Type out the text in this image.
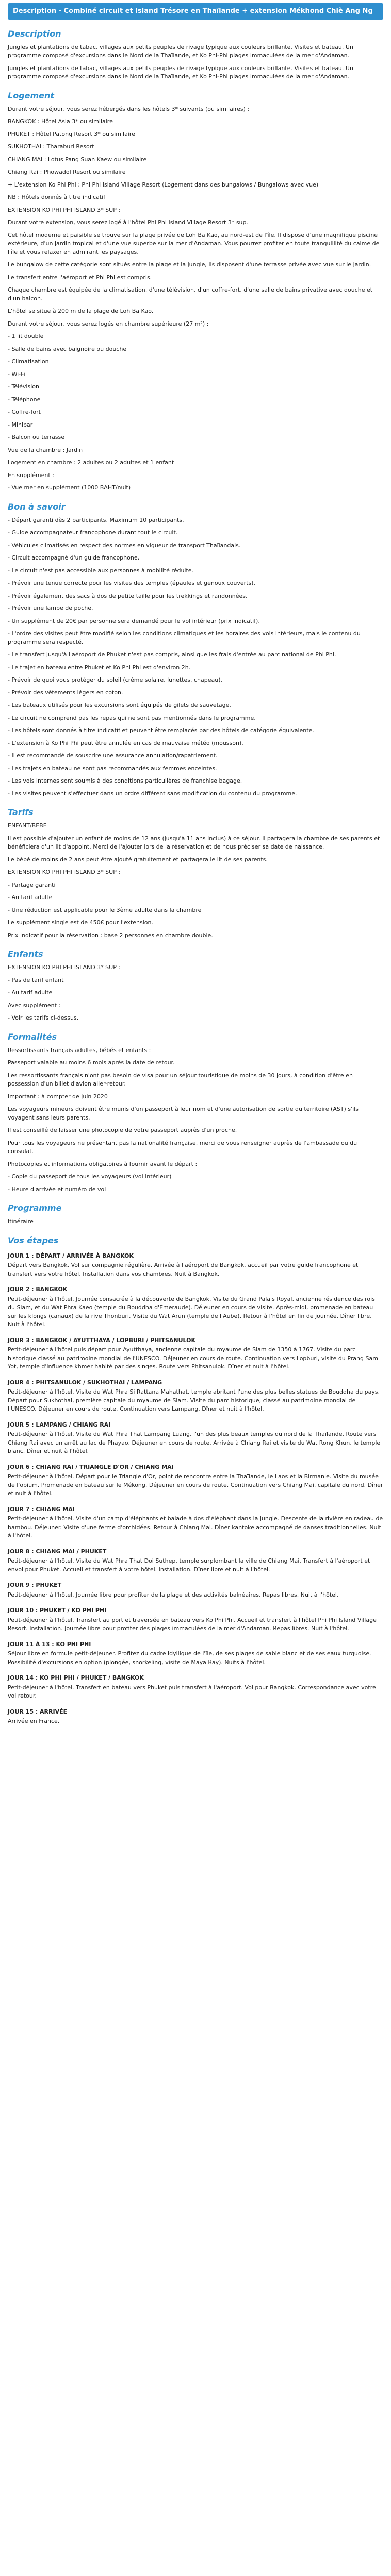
Description - Combiné circuit et Island Trésore en Thaïlande + extension Mékhond Chiè Ang Ng
Description

Jungles et plantations de tabac, villages aux petits peuples de rivage typique aux couleurs brillante. Visites et bateau. Un programme composé d'excursions dans le Nord de la Thaïlande, et Ko Phi-Phi plages immaculées de la mer d'Andaman.

Jungles et plantations de tabac, villages aux petits peuples de rivage typique aux couleurs brillante. Visites et bateau. Un programme composé d'excursions dans le Nord de la Thaïlande, et Ko Phi-Phi plages immaculées de la mer d'Andaman.

Logement

Durant votre séjour, vous serez hébergés dans les hôtels 3* suivants (ou similaires) :

BANGKOK : Hôtel Asia 3* ou similaire

PHUKET : Hôtel Patong Resort 3* ou similaire

SUKHOTHAI : Tharaburi Resort

CHIANG MAI : Lotus Pang Suan Kaew ou similaire

Chiang Rai : Phowadol Resort ou similaire

+ L'extension Ko Phi Phi : Phi Phi Island Village Resort (Logement dans des bungalows / Bungalows avec vue)

NB : Hôtels donnés à titre indicatif

EXTENSION KO PHI PHI ISLAND 3* SUP :

Durant votre extension, vous serez logé à l'hôtel Phi Phi Island Village Resort 3* sup.

Cet hôtel moderne et paisible se trouve sur la plage privée de Loh Ba Kao, au nord-est de l'île. Il dispose d'une magnifique piscine extérieure, d'un jardin tropical et d'une vue superbe sur la mer d'Andaman. Vous pourrez profiter en toute tranquillité du calme de l'île et vous relaxer en admirant les paysages.

Le bungalow de cette catégorie sont situés entre la plage et la jungle, ils disposent d'une terrasse privée avec vue sur le jardin.

Le transfert entre l'aéroport et Phi Phi est compris.

Chaque chambre est équipée de la climatisation, d'une télévision, d'un coffre-fort, d'une salle de bains privative avec douche et d'un balcon.

L'hôtel se situe à 200 m de la plage de Loh Ba Kao.

Durant votre séjour, vous serez logés en chambre supérieure (27 m²) :

- 1 lit double

- Salle de bains avec baignoire ou douche

- Climatisation

- Wi-Fi

- Télévision

- Téléphone

- Coffre-fort

- Minibar

- Balcon ou terrasse

Vue de la chambre : Jardin

Logement en chambre : 2 adultes ou 2 adultes et 1 enfant

En supplément :

- Vue mer en supplément (1000 BAHT/nuit)

Bon à savoir

- Départ garanti dès 2 participants. Maximum 10 participants.

- Guide accompagnateur francophone durant tout le circuit.

- Véhicules climatisés en respect des normes en vigueur de transport Thaïlandais.

- Circuit accompagné d'un guide francophone.

- Le circuit n'est pas accessible aux personnes à mobilité réduite.

- Prévoir une tenue correcte pour les visites des temples (épaules et genoux couverts).

- Prévoir également des sacs à dos de petite taille pour les trekkings et randonnées.

- Prévoir une lampe de poche.

- Un supplément de 20€ par personne sera demandé pour le vol intérieur (prix indicatif).

- L'ordre des visites peut être modifié selon les conditions climatiques et les horaires des vols intérieurs, mais le contenu du programme sera respecté.

- Le transfert jusqu'à l'aéroport de Phuket n'est pas compris, ainsi que les frais d'entrée au parc national de Phi Phi.

- Le trajet en bateau entre Phuket et Ko Phi Phi est d'environ 2h.

- Prévoir de quoi vous protéger du soleil (crème solaire, lunettes, chapeau).

- Prévoir des vêtements légers en coton.

- Les bateaux utilisés pour les excursions sont équipés de gilets de sauvetage.

- Le circuit ne comprend pas les repas qui ne sont pas mentionnés dans le programme.

- Les hôtels sont donnés à titre indicatif et peuvent être remplacés par des hôtels de catégorie équivalente.

- L'extension à Ko Phi Phi peut être annulée en cas de mauvaise météo (mousson).

- Il est recommandé de souscrire une assurance annulation/rapatriement.

- Les trajets en bateau ne sont pas recommandés aux femmes enceintes.

- Les vols internes sont soumis à des conditions particulières de franchise bagage.

- Les visites peuvent s'effectuer dans un ordre différent sans modification du contenu du programme.

Tarifs

ENFANT/BEBE

Il est possible d'ajouter un enfant de moins de 12 ans (jusqu'à 11 ans inclus) à ce séjour. Il partagera la chambre de ses parents et bénéficiera d'un lit d'appoint. Merci de l'ajouter lors de la réservation et de nous préciser sa date de naissance.

Le bébé de moins de 2 ans peut être ajouté gratuitement et partagera le lit de ses parents.

EXTENSION KO PHI PHI ISLAND 3* SUP :

- Partage garanti

- Au tarif adulte

- Une réduction est applicable pour le 3ème adulte dans la chambre

Le supplément single est de 450€ pour l'extension.

Prix indicatif pour la réservation : base 2 personnes en chambre double.

Enfants

EXTENSION KO PHI PHI ISLAND 3* SUP :

- Pas de tarif enfant

- Au tarif adulte

Avec supplément :

- Voir les tarifs ci-dessus.

Formalités

Ressortissants français adultes, bébés et enfants :

Passeport valable au moins 6 mois après la date de retour.

Les ressortissants français n'ont pas besoin de visa pour un séjour touristique de moins de 30 jours, à condition d'être en possession d'un billet d'avion aller-retour.

Important : à compter de juin 2020

Les voyageurs mineurs doivent être munis d'un passeport à leur nom et d'une autorisation de sortie du territoire (AST) s'ils voyagent sans leurs parents.

Il est conseillé de laisser une photocopie de votre passeport auprès d'un proche.

Pour tous les voyageurs ne présentant pas la nationalité française, merci de vous renseigner auprès de l'ambassade ou du consulat.

Photocopies et informations obligatoires à fournir avant le départ :

- Copie du passeport de tous les voyageurs (vol intérieur)

- Heure d'arrivée et numéro de vol

Programme

Itinéraire

Vos étapes
JOUR 1 : DÉPART / ARRIVÉE À BANGKOK

Départ vers Bangkok. Vol sur compagnie régulière. Arrivée à l'aéroport de Bangkok, accueil par votre guide francophone et transfert vers votre hôtel. Installation dans vos chambres. Nuit à Bangkok.

JOUR 2 : BANGKOK

Petit-déjeuner à l'hôtel. Journée consacrée à la découverte de Bangkok. Visite du Grand Palais Royal, ancienne résidence des rois du Siam, et du Wat Phra Kaeo (temple du Bouddha d'Émeraude). Déjeuner en cours de visite. Après-midi, promenade en bateau sur les klongs (canaux) de la rive Thonburi. Visite du Wat Arun (temple de l'Aube). Retour à l'hôtel en fin de journée. Dîner libre. Nuit à l'hôtel.

JOUR 3 : BANGKOK / AYUTTHAYA / LOPBURI / PHITSANULOK

Petit-déjeuner à l'hôtel puis départ pour Ayutthaya, ancienne capitale du royaume de Siam de 1350 à 1767. Visite du parc historique classé au patrimoine mondial de l'UNESCO. Déjeuner en cours de route. Continuation vers Lopburi, visite du Prang Sam Yot, temple d'influence khmer habité par des singes. Route vers Phitsanulok. Dîner et nuit à l'hôtel.

JOUR 4 : PHITSANULOK / SUKHOTHAI / LAMPANG

Petit-déjeuner à l'hôtel. Visite du Wat Phra Si Rattana Mahathat, temple abritant l'une des plus belles statues de Bouddha du pays. Départ pour Sukhothai, première capitale du royaume de Siam. Visite du parc historique, classé au patrimoine mondial de l'UNESCO. Déjeuner en cours de route. Continuation vers Lampang. Dîner et nuit à l'hôtel.

JOUR 5 : LAMPANG / CHIANG RAI

Petit-déjeuner à l'hôtel. Visite du Wat Phra That Lampang Luang, l'un des plus beaux temples du nord de la Thaïlande. Route vers Chiang Rai avec un arrêt au lac de Phayao. Déjeuner en cours de route. Arrivée à Chiang Rai et visite du Wat Rong Khun, le temple blanc. Dîner et nuit à l'hôtel.

JOUR 6 : CHIANG RAI / TRIANGLE D'OR / CHIANG MAI

Petit-déjeuner à l'hôtel. Départ pour le Triangle d'Or, point de rencontre entre la Thaïlande, le Laos et la Birmanie. Visite du musée de l'opium. Promenade en bateau sur le Mékong. Déjeuner en cours de route. Continuation vers Chiang Mai, capitale du nord. Dîner et nuit à l'hôtel.

JOUR 7 : CHIANG MAI

Petit-déjeuner à l'hôtel. Visite d'un camp d'éléphants et balade à dos d'éléphant dans la jungle. Descente de la rivière en radeau de bambou. Déjeuner. Visite d'une ferme d'orchidées. Retour à Chiang Mai. Dîner kantoke accompagné de danses traditionnelles. Nuit à l'hôtel.

JOUR 8 : CHIANG MAI / PHUKET

Petit-déjeuner à l'hôtel. Visite du Wat Phra That Doi Suthep, temple surplombant la ville de Chiang Mai. Transfert à l'aéroport et envol pour Phuket. Accueil et transfert à votre hôtel. Installation. Dîner libre et nuit à l'hôtel.

JOUR 9 : PHUKET

Petit-déjeuner à l'hôtel. Journée libre pour profiter de la plage et des activités balnéaires. Repas libres. Nuit à l'hôtel.

JOUR 10 : PHUKET / KO PHI PHI

Petit-déjeuner à l'hôtel. Transfert au port et traversée en bateau vers Ko Phi Phi. Accueil et transfert à l'hôtel Phi Phi Island Village Resort. Installation. Journée libre pour profiter des plages immaculées de la mer d'Andaman. Repas libres. Nuit à l'hôtel.

JOUR 11 À 13 : KO PHI PHI

Séjour libre en formule petit-déjeuner. Profitez du cadre idyllique de l'île, de ses plages de sable blanc et de ses eaux turquoise. Possibilité d'excursions en option (plongée, snorkeling, visite de Maya Bay). Nuits à l'hôtel.

JOUR 14 : KO PHI PHI / PHUKET / BANGKOK

Petit-déjeuner à l'hôtel. Transfert en bateau vers Phuket puis transfert à l'aéroport. Vol pour Bangkok. Correspondance avec votre vol retour.

JOUR 15 : ARRIVÉE

Arrivée en France.
